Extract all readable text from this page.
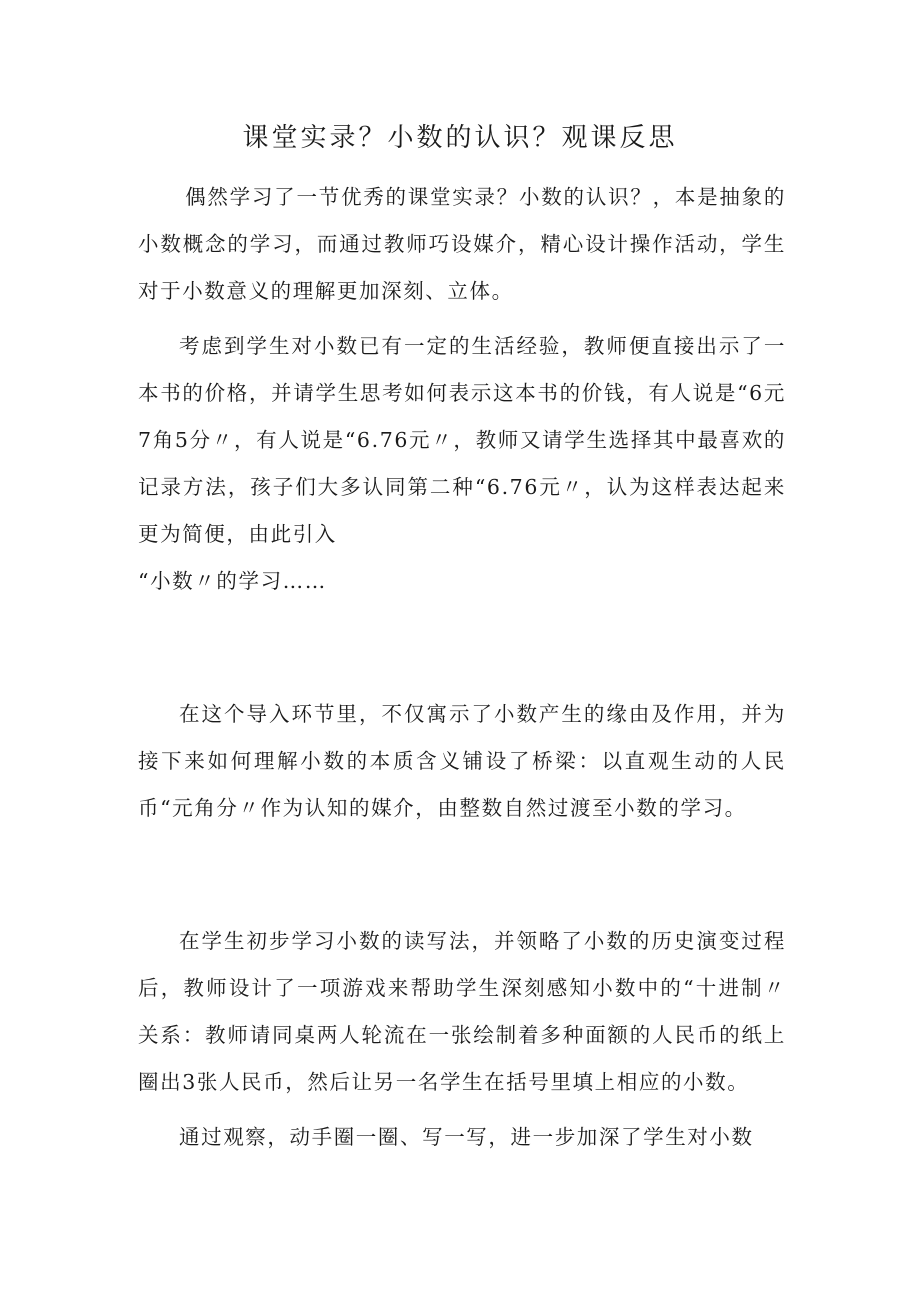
课堂实录？小数的认识？观课反思

偶然学习了一节优秀的课堂实录？小数的认识？，本是抽象的小数概念的学习，而通过教师巧设媒介，精心设计操作活动，学生对于小数意义的理解更加深刻、立体。

考虑到学生对小数已有一定的生活经验，教师便直接出示了一本书的价格，并请学生思考如何表示这本书的价钱，有人说是“6元7角5分〃，有人说是“6.76元〃，教师又请学生选择其中最喜欢的记录方法，孩子们大多认同第二种“6.76元〃，认为这样表达起来更为简便，由此引入

“小数〃的学习……

在这个导入环节里，不仅寓示了小数产生的缘由及作用，并为接下来如何理解小数的本质含义铺设了桥梁：以直观生动的人民币“元角分〃作为认知的媒介，由整数自然过渡至小数的学习。

在学生初步学习小数的读写法，并领略了小数的历史演变过程后，教师设计了一项游戏来帮助学生深刻感知小数中的“十进制〃关系：教师请同桌两人轮流在一张绘制着多种面额的人民币的纸上圈出3张人民币，然后让另一名学生在括号里填上相应的小数。

通过观察，动手圈一圈、写一写，进一步加深了学生对小数
